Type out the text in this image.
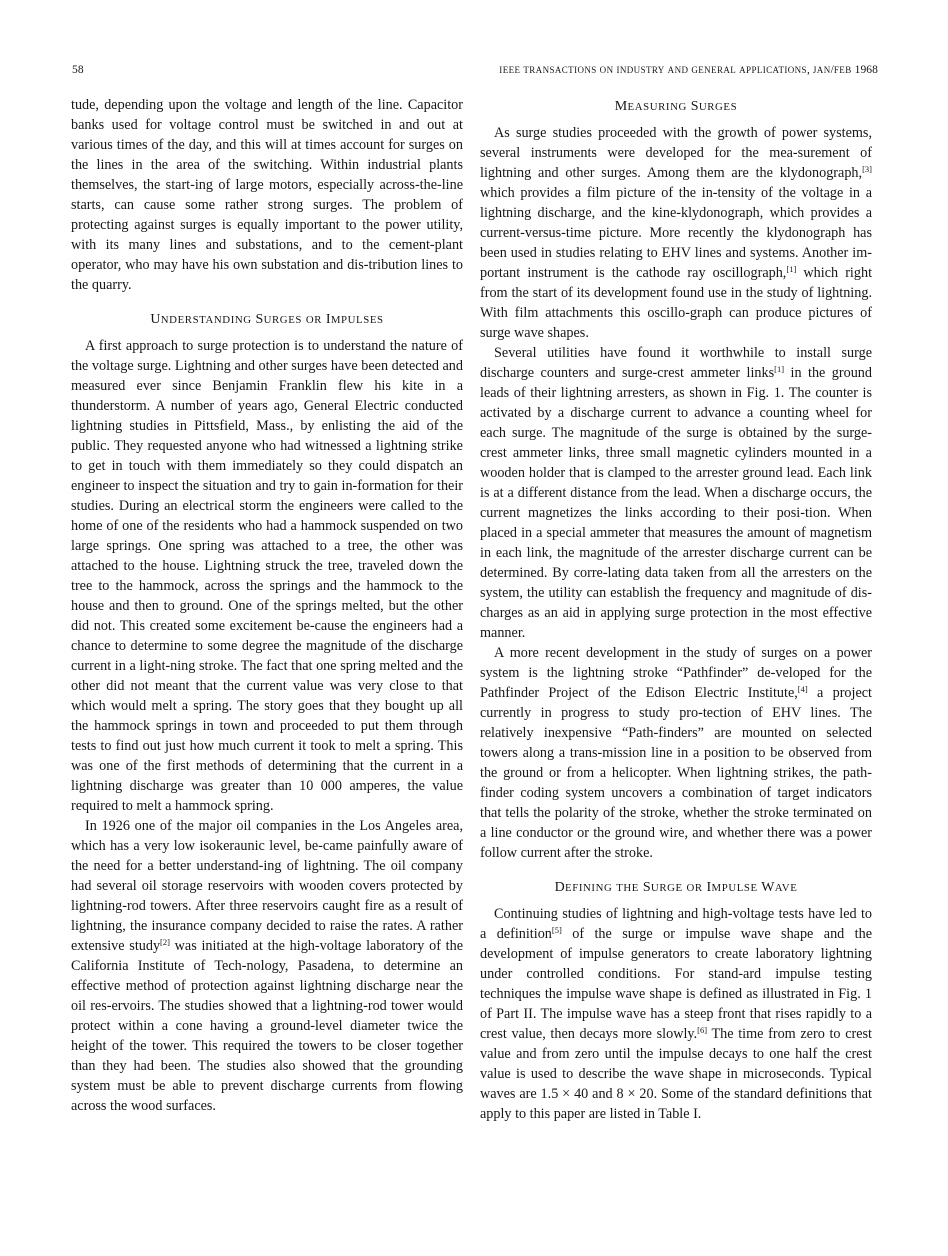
58	IEEE TRANSACTIONS ON INDUSTRY AND GENERAL APPLICATIONS, JAN/FEB 1968

tude, depending upon the voltage and length of the line. Capacitor banks used for voltage control must be switched in and out at various times of the day, and this will at times account for surges on the lines in the area of the switching. Within industrial plants themselves, the start-​ing of large motors, especially across-​the-​line starts, can cause some rather strong surges. The problem of protecting against surges is equally important to the power utility, with its many lines and substations, and to the cement-​plant operator, who may have his own substation and dis-​tribution lines to the quarry.

UNDERSTANDING SURGES OR IMPULSES

A first approach to surge protection is to understand the nature of the voltage surge. Lightning and other surges have been detected and measured ever since Benjamin Franklin flew his kite in a thunderstorm. A number of years ago, General Electric conducted lightning studies in Pittsfield, Mass., by enlisting the aid of the public. They requested anyone who had witnessed a lightning strike to get in touch with them immediately so they could dispatch an engineer to inspect the situation and try to gain in-​formation for their studies. During an electrical storm the engineers were called to the home of one of the residents who had a hammock suspended on two large springs. One spring was attached to a tree, the other was attached to the house. Lightning struck the tree, traveled down the tree to the hammock, across the springs and the hammock to the house and then to ground. One of the springs melted, but the other did not. This created some excitement be-​cause the engineers had a chance to determine to some degree the magnitude of the discharge current in a light-​ning stroke. The fact that one spring melted and the other did not meant that the current value was very close to that which would melt a spring. The story goes that they bought up all the hammock springs in town and proceeded to put them through tests to find out just how much current it took to melt a spring. This was one of the first methods of determining that the current in a lightning discharge was greater than 10 000 amperes, the value required to melt a hammock spring.

In 1926 one of the major oil companies in the Los Angeles area, which has a very low isokeraunic level, be-​came painfully aware of the need for a better understand-​ing of lightning. The oil company had several oil storage reservoirs with wooden covers protected by lightning-​rod towers. After three reservoirs caught fire as a result of lightning, the insurance company decided to raise the rates. A rather extensive study[2] was initiated at the high-​voltage laboratory of the California Institute of Tech-​nology, Pasadena, to determine an effective method of protection against lightning discharge near the oil res-​ervoirs. The studies showed that a lightning-​rod tower would protect within a cone having a ground-​level diameter twice the height of the tower. This required the towers to be closer together than they had been. The studies also showed that the grounding system must be able to prevent discharge currents from flowing across the wood surfaces.

MEASURING SURGES

As surge studies proceeded with the growth of power systems, several instruments were developed for the mea-​surement of lightning and other surges. Among them are the klydonograph,[3] which provides a film picture of the in-​tensity of the voltage in a lightning discharge, and the kine-​klydonograph, which provides a current-​versus-​time picture. More recently the klydonograph has been used in studies relating to EHV lines and systems. Another im-​portant instrument is the cathode ray oscillograph,[1] which right from the start of its development found use in the study of lightning. With film attachments this oscillo-​graph can produce pictures of surge wave shapes.

Several utilities have found it worthwhile to install surge discharge counters and surge-​crest ammeter links[1] in the ground leads of their lightning arresters, as shown in Fig. 1. The counter is activated by a discharge current to advance a counting wheel for each surge. The magnitude of the surge is obtained by the surge-​crest ammeter links, three small magnetic cylinders mounted in a wooden holder that is clamped to the arrester ground lead. Each link is at a different distance from the lead. When a discharge occurs, the current magnetizes the links according to their posi-​tion. When placed in a special ammeter that measures the amount of magnetism in each link, the magnitude of the arrester discharge current can be determined. By corre-​lating data taken from all the arresters on the system, the utility can establish the frequency and magnitude of dis-​charges as an aid in applying surge protection in the most effective manner.

A more recent development in the study of surges on a power system is the lightning stroke “Pathfinder” de-​veloped for the Pathfinder Project of the Edison Electric Institute,[4] a project currently in progress to study pro-​tection of EHV lines. The relatively inexpensive “Path-​finders” are mounted on selected towers along a trans-​mission line in a position to be observed from the ground or from a helicopter. When lightning strikes, the path-​finder coding system uncovers a combination of target indicators that tells the polarity of the stroke, whether the stroke terminated on a line conductor or the ground wire, and whether there was a power follow current after the stroke.

DEFINING THE SURGE OR IMPULSE WAVE

Continuing studies of lightning and high-​voltage tests have led to a definition[5] of the surge or impulse wave shape and the development of impulse generators to create laboratory lightning under controlled conditions. For stand-​ard impulse testing techniques the impulse wave shape is defined as illustrated in Fig. 1 of Part II. The impulse wave has a steep front that rises rapidly to a crest value, then decays more slowly.[6] The time from zero to crest value and from zero until the impulse decays to one half the crest value is used to describe the wave shape in microseconds. Typical waves are 1.5 × 40 and 8 × 20. Some of the standard definitions that apply to this paper are listed in Table I.
